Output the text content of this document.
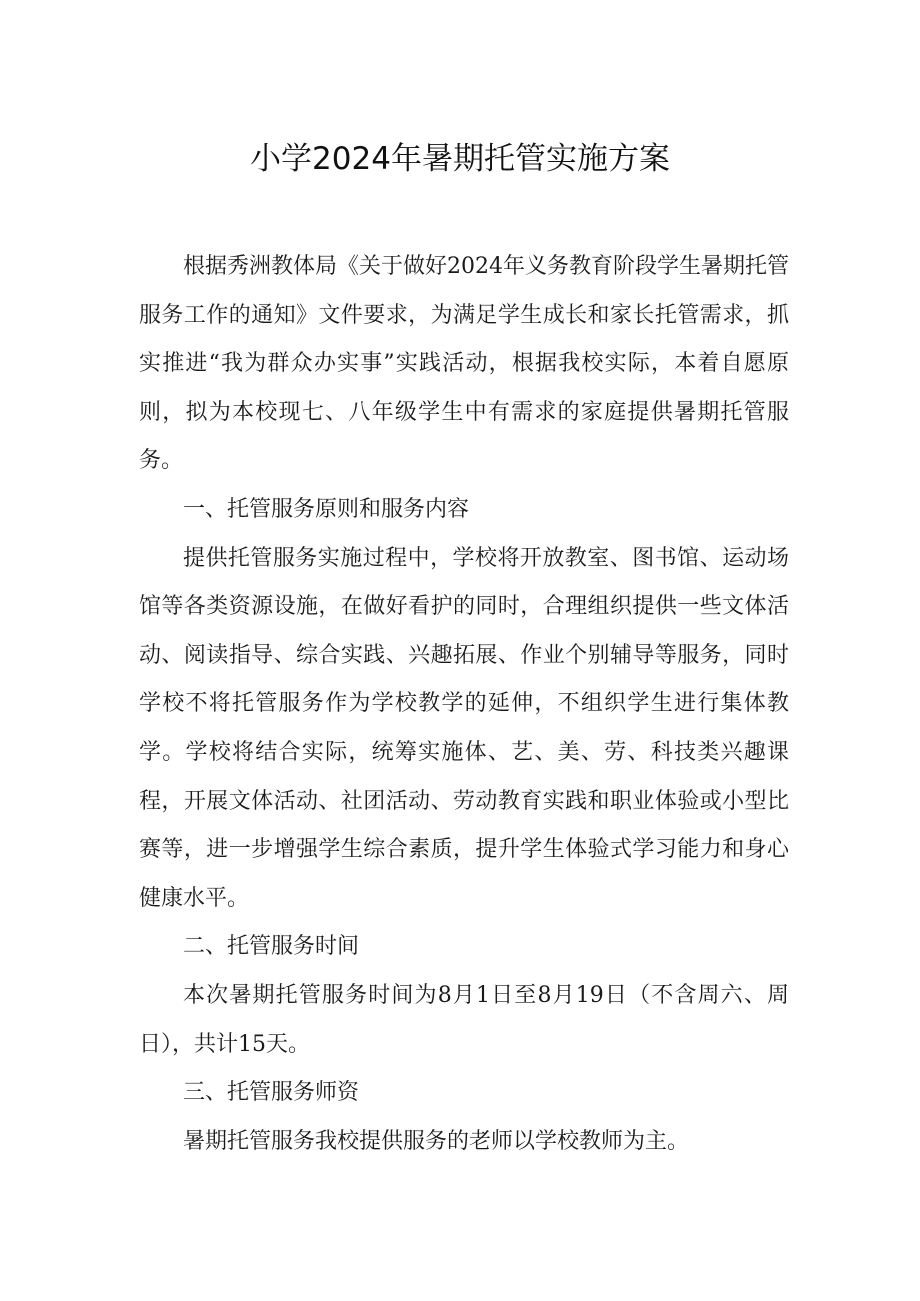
小学2024年暑期托管实施方案

根据秀洲教体局《关于做好2024年义务教育阶段学生暑期托管服务工作的通知》文件要求，为满足学生成长和家长托管需求，抓实推进“我为群众办实事”实践活动，根据我校实际，本着自愿原则，拟为本校现七、八年级学生中有需求的家庭提供暑期托管服务。

一、托管服务原则和服务内容

提供托管服务实施过程中，学校将开放教室、图书馆、运动场馆等各类资源设施，在做好看护的同时，合理组织提供一些文体活动、阅读指导、综合实践、兴趣拓展、作业个别辅导等服务，同时学校不将托管服务作为学校教学的延伸，不组织学生进行集体教学。学校将结合实际，统筹实施体、艺、美、劳、科技类兴趣课程，开展文体活动、社团活动、劳动教育实践和职业体验或小型比赛等，进一步增强学生综合素质，提升学生体验式学习能力和身心健康水平。

二、托管服务时间

本次暑期托管服务时间为8月1日至8月19日（不含周六、周日），共计15天。

三、托管服务师资

暑期托管服务我校提供服务的老师以学校教师为主。
